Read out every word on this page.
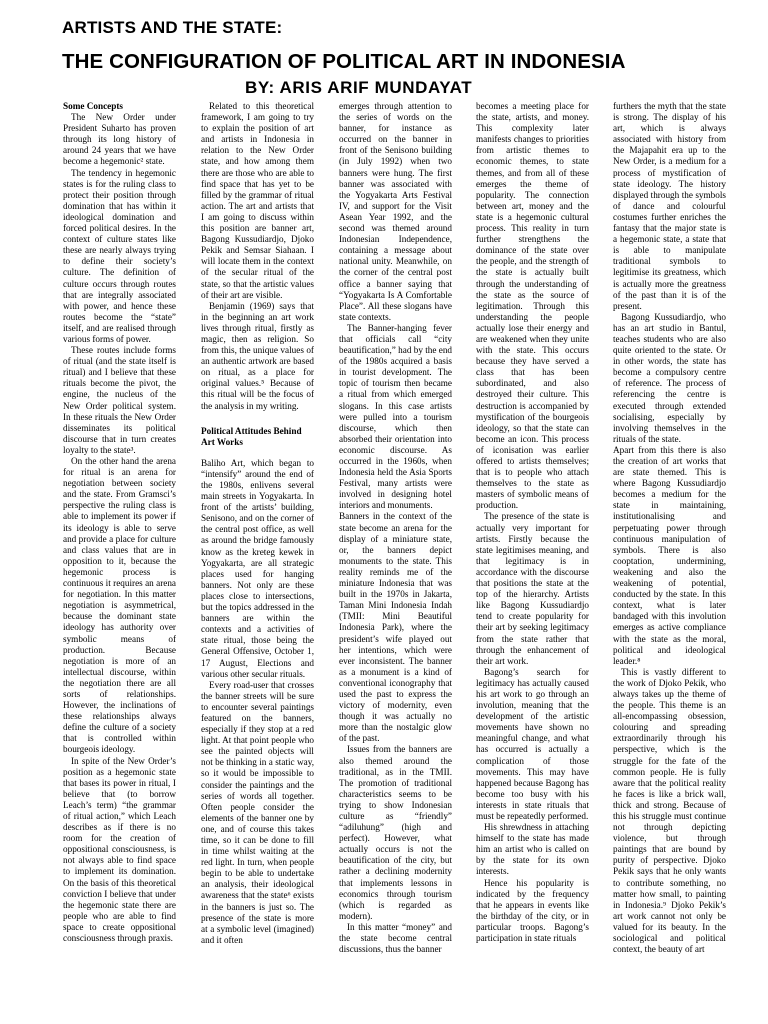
ARTISTS AND THE STATE:
THE CONFIGURATION OF POLITICAL ART IN INDONESIA
BY: ARIS ARIF MUNDAYAT
Some Concepts

The New Order under President Suharto has proven through its long history of around 24 years that we have become a hegemonic² state.

The tendency in hegemonic states is for the ruling class to protect their position through domination that has within it ideological domination and forced political desires. In the context of culture states like these are nearly always trying to define their society’s culture. The definition of culture occurs through routes that are integrally associated with power, and hence these routes become the “state” itself, and are realised through various forms of power.

These routes include forms of ritual (and the state itself is ritual) and I believe that these rituals become the pivot, the engine, the nucleus of the New Order political system. In these rituals the New Order disseminates its political discourse that in turn creates loyalty to the state³.

On the other hand the arena for ritual is an arena for negotiation between society and the state. From Gramsci’s perspective the ruling class is able to implement its power if its ideology is able to serve and provide a place for culture and class values that are in opposition to it, because the hegemonic process is continuous it requires an arena for negotiation. In this matter negotiation is asymmetrical, because the dominant state ideology has authority over symbolic means of production. Because negotiation is more of an intellectual discourse, within the negotiation there are all sorts of relationships. However, the inclinations of these relationships always define the culture of a society that is controlled within bourgeois ideology.

In spite of the New Order’s position as a hegemonic state that bases its power in ritual, I believe that (to borrow Leach’s term) “the grammar of ritual action,” which Leach describes as if there is no room for the creation of oppositional consciousness, is not always able to find space to implement its domination. On the basis of this theoretical conviction I believe that under the hegemonic state there are people who are able to find space to create oppositional consciousness through praxis.

Related to this theoretical framework, I am going to try to explain the position of art and artists in Indonesia in relation to the New Order state, and how among them there are those who are able to find space that has yet to be filled by the grammar of ritual action. The art and artists that I am going to discuss within this position are banner art, Bagong Kussudiardjo, Djoko Pekik and Semsar Siahaan. I will locate them in the context of the secular ritual of the state, so that the artistic values of their art are visible.

Benjamin (1969) says that in the beginning an art work lives through ritual, firstly as magic, then as religion. So from this, the unique values of an authentic artwork are based on ritual, as a place for original values.⁵ Because of this ritual will be the focus of the analysis in my writing.

Political Attitudes Behind Art Works

Baliho Art, which began to “intensify” around the end of the 1980s, enlivens several main streets in Yogyakarta. In front of the artists’ building, Senisono, and on the corner of the central post office, as well as around the bridge famously know as the kreteg kewek in Yogyakarta, are all strategic places used for hanging banners. Not only are these places close to intersections, but the topics addressed in the banners are within the contexts and a activities of state ritual, those being the General Offensive, October 1, 17 August, Elections and various other secular rituals.

Every road-user that crosses the banner streets will be sure to encounter several paintings featured on the banners, especially if they stop at a red light. At that point people who see the painted objects will not be thinking in a static way, so it would be impossible to consider the paintings and the series of words all together. Often people consider the elements of the banner one by one, and of course this takes time, so it can be done to fill in time whilst waiting at the red light. In turn, when people begin to be able to undertake an analysis, their ideological awareness that the state⁶ exists in the banners is just so. The presence of the state is more at a symbolic level (imagined) and it often

emerges through attention to the series of words on the banner, for instance as occurred on the banner in front of the Senisono building (in July 1992) when two banners were hung. The first banner was associated with the Yogyakarta Arts Festival IV, and support for the Visit Asean Year 1992, and the second was themed around Indonesian Independence, containing a message about national unity. Meanwhile, on the corner of the central post office a banner saying that “Yogyakarta Is A Comfortable Place”. All these slogans have state contexts.

The Banner-hanging fever that officials call “city beautification,” had by the end of the 1980s acquired a basis in tourist development. The topic of tourism then became a ritual from which emerged slogans. In this case artists were pulled into a tourism discourse, which then absorbed their orientation into economic discourse. As occurred in the 1960s, when Indonesia held the Asia Sports Festival, many artists were involved in designing hotel interiors and monuments.

Banners in the context of the state become an arena for the display of a miniature state, or, the banners depict monuments to the state. This reality reminds me of the miniature Indonesia that was built in the 1970s in Jakarta, Taman Mini Indonesia Indah (TMII: Mini Beautiful Indonesia Park), where the president’s wife played out her intentions, which were ever inconsistent. The banner as a monument is a kind of conventional iconography that used the past to express the victory of modernity, even though it was actually no more than the nostalgic glow of the past.

Issues from the banners are also themed around the traditional, as in the TMII. The promotion of traditional characteristics seems to be trying to show Indonesian culture as “friendly” “adiluhung” (high and perfect). However, what actually occurs is not the beautification of the city, but rather a declining modernity that implements lessons in economics through tourism (which is regarded as modern).

In this matter “money” and the state become central discussions, thus the banner

becomes a meeting place for the state, artists, and money. This complexity later manifests changes to priorities from artistic themes to economic themes, to state themes, and from all of these emerges the theme of popularity. The connection between art, money and the state is a hegemonic cultural process. This reality in turn further strengthens the dominance of the state over the people, and the strength of the state is actually built through the understanding of the state as the source of legitimation. Through this understanding the people actually lose their energy and are weakened when they unite with the state. This occurs because they have served a class that has been subordinated, and also destroyed their culture. This destruction is accompanied by mystification of the bourgeois ideology, so that the state can become an icon. This process of iconisation was earlier offered to artists themselves; that is to people who attach themselves to the state as masters of symbolic means of production.

The presence of the state is actually very important for artists. Firstly because the state legitimises meaning, and that legitimacy is in accordance with the discourse that positions the state at the top of the hierarchy. Artists like Bagong Kussudiardjo tend to create popularity for their art by seeking legitimacy from the state rather that through the enhancement of their art work.

Bagong’s search for legitimacy has actually caused his art work to go through an involution, meaning that the development of the artistic movements have shown no meaningful change, and what has occurred is actually a complication of those movements. This may have happened because Bagong has become too busy with his interests in state rituals that must be repeatedly performed.

His shrewdness in attaching himself to the state has made him an artist who is called on by the state for its own interests.

Hence his popularity is indicated by the frequency that he appears in events like the birthday of the city, or in particular troops. Bagong’s participation in state rituals

furthers the myth that the state is strong. The display of his art, which is always associated with history from the Majapahit era up to the New Order, is a medium for a process of mystification of state ideology. The history displayed through the symbols of dance and colourful costumes further enriches the fantasy that the major state is a hegemonic state, a state that is able to manipulate traditional symbols to legitimise its greatness, which is actually more the greatness of the past than it is of the present.

Bagong Kussudiardjo, who has an art studio in Bantul, teaches students who are also quite oriented to the state. Or in other words, the state has become a compulsory centre of reference. The process of referencing the centre is executed through extended socialising, especially by involving themselves in the rituals of the state.

Apart from this there is also the creation of art works that are state themed. This is where Bagong Kussudiardjo becomes a medium for the state in maintaining, institutionalising and perpetuating power through continuous manipulation of symbols. There is also cooptation, undermining, weakening and also the weakening of potential, conducted by the state. In this context, what is later bandaged with this involution emerges as active compliance with the state as the moral, political and ideological leader.⁸

This is vastly different to the work of Djoko Pekik, who always takes up the theme of the people. This theme is an all-encompassing obsession, colouring and spreading extraordinarily through his perspective, which is the struggle for the fate of the common people. He is fully aware that the political reality he faces is like a brick wall, thick and strong. Because of this his struggle must continue not through depicting violence, but through paintings that are bound by purity of perspective. Djoko Pekik says that he only wants to contribute something, no matter how small, to painting in Indonesia.⁹ Djoko Pekik’s art work cannot not only be valued for its beauty. In the sociological and political context, the beauty of art
